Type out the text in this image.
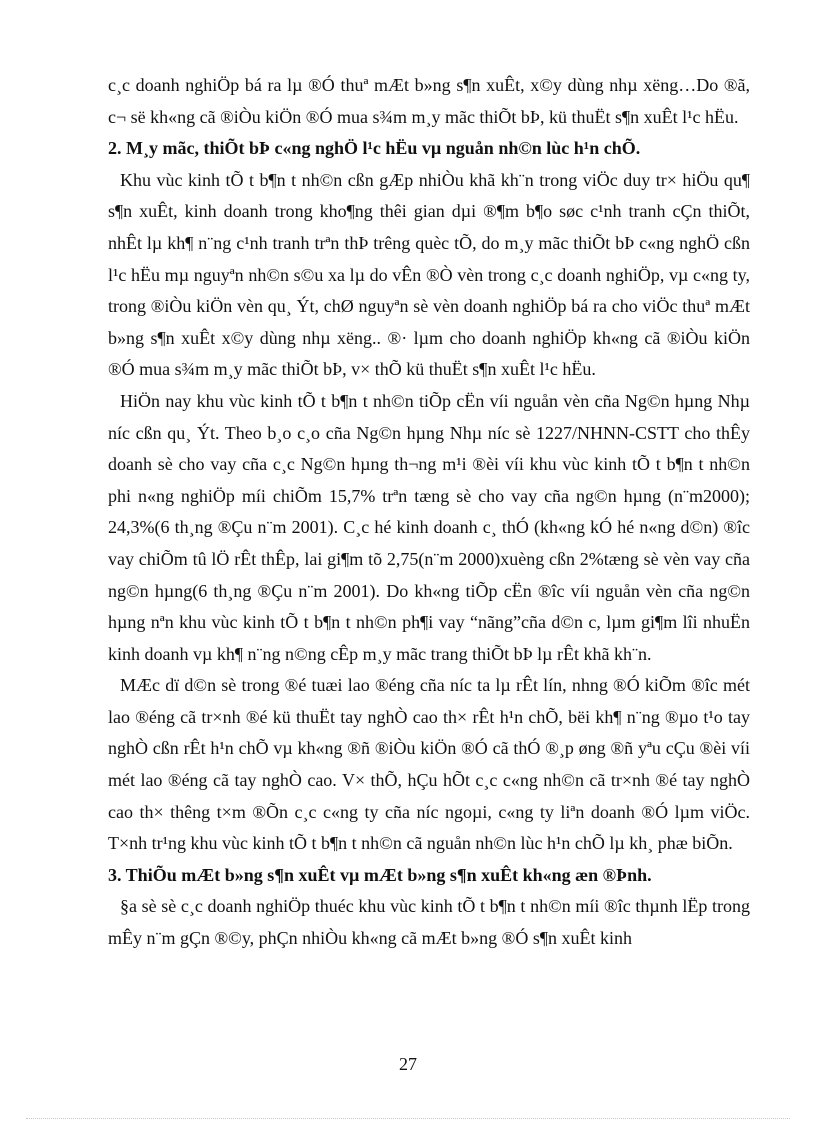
c¸c doanh nghiÖp bá ra lµ ®Ó thuª mÆt b»ng s¶n xuÊt, x©y dùng nhµ xëng…Do ®ã, c¬ së kh«ng cã ®iÒu kiÖn ®Ó mua s¾m m¸y mãc thiÕt bÞ, kü thuËt s¶n xuÊt l¹c hËu.

2. M¸y mãc, thiÕt bÞ c«ng nghÖ l¹c hËu vµ nguån nh©n lùc h¹n chÕ.

Khu vùc kinh tÕ t b¶n t nh©n cßn gÆp nhiÒu khã kh¨n trong viÖc duy tr× hiÖu qu¶ s¶n xuÊt, kinh doanh trong kho¶ng thêi gian dµi ®¶m b¶o søc c¹nh tranh cÇn thiÕt, nhÊt lµ kh¶ n¨ng c¹nh tranh trªn thÞ trêng quèc tÕ, do m¸y mãc thiÕt bÞ c«ng nghÖ cßn l¹c hËu mµ nguyªn nh©n s©u xa lµ do vÊn ®Ò vèn trong c¸c doanh nghiÖp, vµ c«ng ty, trong ®iÒu kiÖn vèn qu¸ Ýt, chØ nguyªn sè vèn doanh nghiÖp bá ra cho viÖc thuª mÆt b»ng s¶n xuÊt x©y dùng nhµ xëng.. ®· lµm cho doanh nghiÖp kh«ng cã ®iÒu kiÖn ®Ó mua s¾m m¸y mãc thiÕt bÞ, v× thÕ kü thuËt s¶n xuÊt l¹c hËu.

HiÖn nay khu vùc kinh tÕ t b¶n t nh©n tiÕp cËn víi nguån vèn cña Ng©n hµng Nhµ níc cßn qu¸ Ýt. Theo b¸o c¸o cña Ng©n hµng Nhµ níc sè 1227/NHNN-CSTT cho thÊy doanh sè cho vay cña c¸c Ng©n hµng th¬ng m¹i ®èi víi khu vùc kinh tÕ t b¶n t nh©n phi n«ng nghiÖp míi chiÕm 15,7% trªn tæng sè cho vay cña ng©n hµng (n¨m2000); 24,3%(6 th¸ng ®Çu n¨m 2001). C¸c hé kinh doanh c¸ thÓ (kh«ng kÓ hé n«ng d©n) ®îc vay chiÕm tû lÖ rÊt thÊp, lai gi¶m tõ 2,75(n¨m 2000)xuèng cßn 2%tæng sè vèn vay cña ng©n hµng(6 th¸ng ®Çu n¨m 2001). Do kh«ng tiÕp cËn ®îc víi nguån vèn cña ng©n hµng nªn khu vùc kinh tÕ t b¶n t nh©n ph¶i vay “nãng”cña d©n c, lµm gi¶m lîi nhuËn kinh doanh vµ kh¶ n¨ng n©ng cÊp m¸y mãc trang thiÕt bÞ lµ rÊt khã kh¨n.

MÆc dï d©n sè trong ®é tuæi lao ®éng cña níc ta lµ rÊt lín, nhng ®Ó kiÕm ®îc mét lao ®éng cã tr×nh ®é kü thuËt tay nghÒ cao th× rÊt h¹n chÕ, bëi kh¶ n¨ng ®µo t¹o tay nghÒ cßn rÊt h¹n chÕ vµ kh«ng ®ñ ®iÒu kiÖn ®Ó cã thÓ ®¸p øng ®ñ yªu cÇu ®èi víi mét lao ®éng cã tay nghÒ cao. V× thÕ, hÇu hÕt c¸c c«ng nh©n cã tr×nh ®é tay nghÒ cao th× thêng t×m ®Õn c¸c c«ng ty cña níc ngoµi, c«ng ty liªn doanh ®Ó lµm viÖc. T×nh tr¹ng khu vùc kinh tÕ t b¶n t nh©n cã nguån nh©n lùc h¹n chÕ lµ kh¸ phæ biÕn.

3. ThiÕu mÆt b»ng s¶n xuÊt vµ mÆt b»ng s¶n xuÊt kh«ng æn ®Þnh.

§a sè sè c¸c doanh nghiÖp thuéc khu vùc kinh tÕ t b¶n t nh©n míi ®îc thµnh lËp trong mÊy n¨m gÇn ®©y, phÇn nhiÒu kh«ng cã mÆt b»ng ®Ó s¶n xuÊt kinh

27
